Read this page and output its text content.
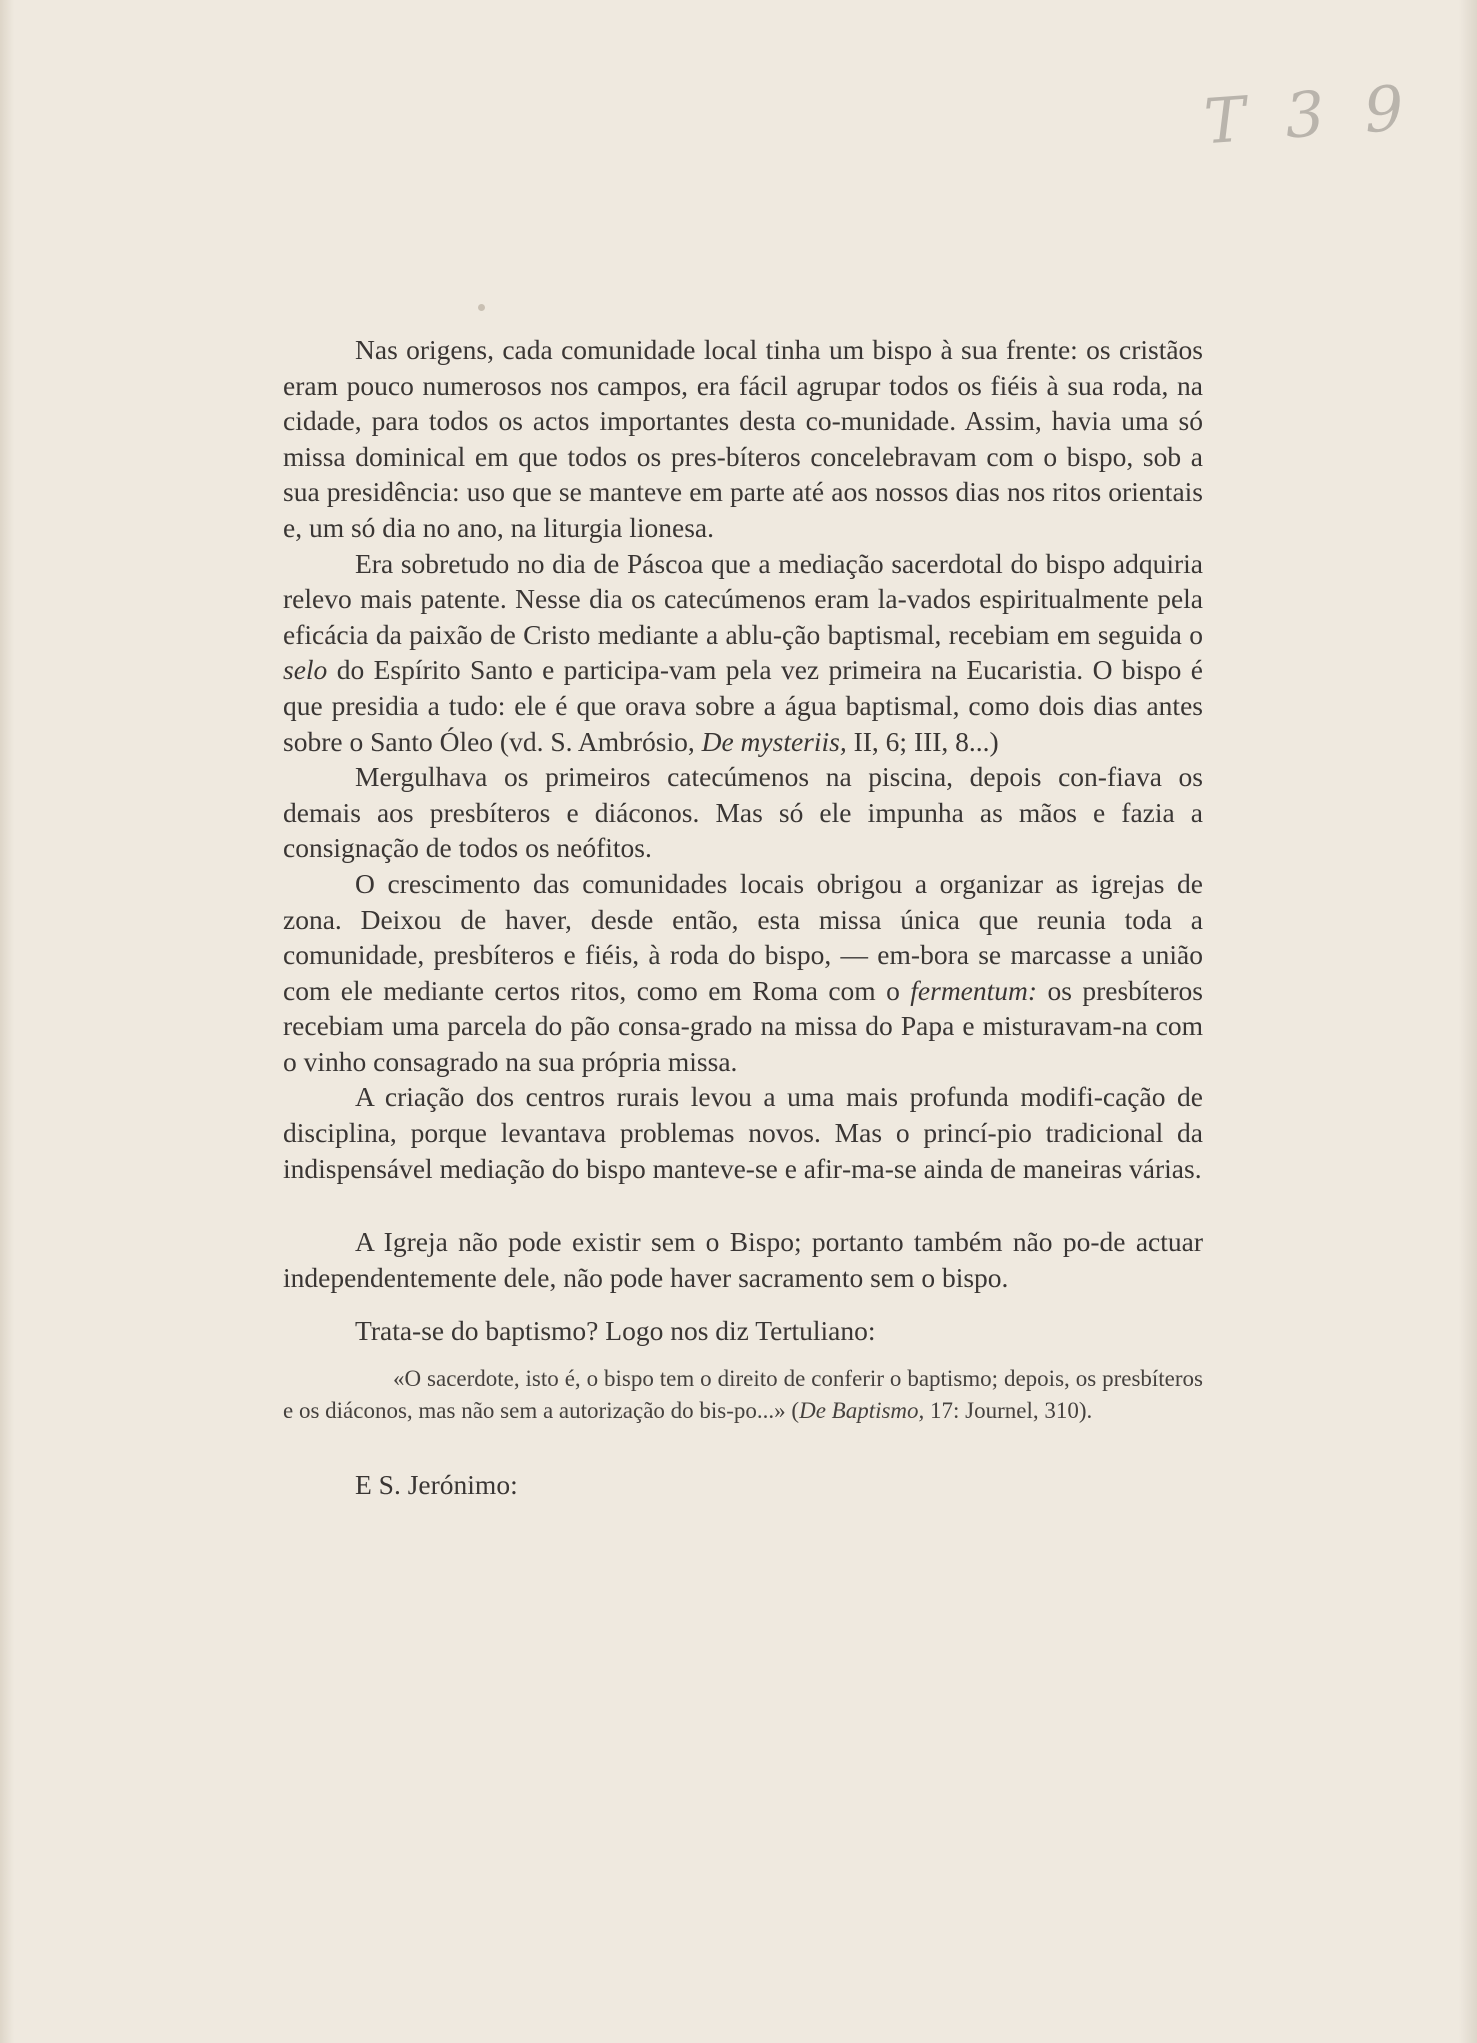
T 3 9

Nas origens, cada comunidade local tinha um bispo à sua frente: os cristãos eram pouco numerosos nos campos, era fácil agrupar todos os fiéis à sua roda, na cidade, para todos os actos importantes desta co‑munidade. Assim, havia uma só missa dominical em que todos os pres‑bíteros concelebravam com o bispo, sob a sua presidência: uso que se manteve em parte até aos nossos dias nos ritos orientais e, um só dia no ano, na liturgia lionesa.

Era sobretudo no dia de Páscoa que a mediação sacerdotal do bispo adquiria relevo mais patente. Nesse dia os catecúmenos eram la‑vados espiritualmente pela eficácia da paixão de Cristo mediante a ablu‑ção baptismal, recebiam em seguida o selo do Espírito Santo e participa‑vam pela vez primeira na Eucaristia. O bispo é que presidia a tudo: ele é que orava sobre a água baptismal, como dois dias antes sobre o Santo Óleo (vd. S. Ambrósio, De mysteriis, II, 6; III, 8...)

Mergulhava os primeiros catecúmenos na piscina, depois con‑fiava os demais aos presbíteros e diáconos. Mas só ele impunha as mãos e fazia a consignação de todos os neófitos.

O crescimento das comunidades locais obrigou a organizar as igrejas de zona. Deixou de haver, desde então, esta missa única que reunia toda a comunidade, presbíteros e fiéis, à roda do bispo, — em‑bora se marcasse a união com ele mediante certos ritos, como em Roma com o fermentum: os presbíteros recebiam uma parcela do pão consa‑grado na missa do Papa e misturavam‑na com o vinho consagrado na sua própria missa.

A criação dos centros rurais levou a uma mais profunda modifi‑cação de disciplina, porque levantava problemas novos. Mas o princí‑pio tradicional da indispensável mediação do bispo manteve‑se e afir‑ma‑se ainda de maneiras várias.

A Igreja não pode existir sem o Bispo; portanto também não po‑de actuar independentemente dele, não pode haver sacramento sem o bispo.

Trata‑se do baptismo? Logo nos diz Tertuliano:

«O sacerdote, isto é, o bispo tem o direito de conferir o baptismo; depois, os presbíteros e os diáconos, mas não sem a autorização do bis‑po...» (De Baptismo, 17: Journel, 310).

E S. Jerónimo:
